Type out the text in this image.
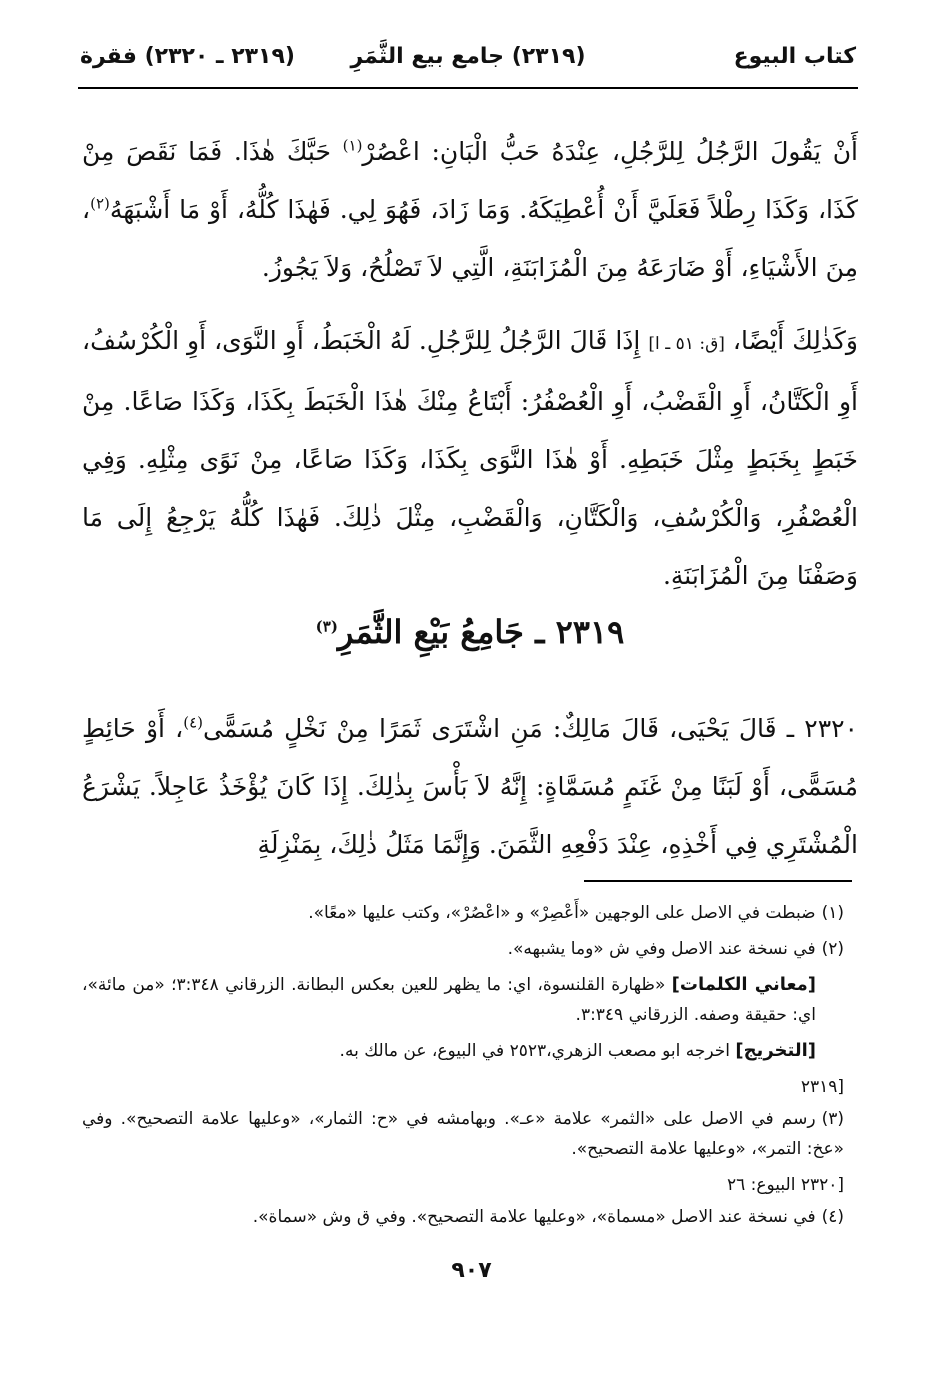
كتاب البيوع
(٢٣١٩) جامع بيع الثَّمَرِ
(٢٣١٩ ـ ٢٣٢٠) فقرة
أَنْ يَقُولَ الرَّجُلُ لِلرَّجُلِ، عِنْدَهُ حَبُّ الْبَانِ: اعْصُرْ$^{(١)}$ حَبَّكَ هٰذَا. فَمَا نَقَصَ مِنْ كَذَا، وَكَذَا رِطْلاً فَعَلَيَّ أَنْ أُعْطِيَكَهُ. وَمَا زَادَ، فَهُوَ لِي. فَهٰذَا كُلُّهُ، أَوْ مَا أَشْبَهَهُ$^{(٢)}$، مِنَ الأَشْيَاءِ، أَوْ ضَارَعَهُ مِنَ الْمُزَابَنَةِ، الَّتِي لاَ تَصْلُحُ، وَلاَ يَجُوزُ.
وَكَذٰلِكَ أَيْضًا، [ق: ٥١ ـ ا] إِذَا قَالَ الرَّجُلُ لِلرَّجُلِ. لَهُ الْخَبَطُ، أَوِ النَّوَى، أَوِ الْكُرْسُفُ، أَوِ الْكَتَّانُ، أَوِ الْقَضْبُ، أَوِ الْعُصْفُرُ: أَبْتَاعُ مِنْكَ هٰذَا الْخَبَطَ بِكَذَا، وَكَذَا صَاعًا. مِنْ خَبَطٍ بِخَبَطٍ مِثْلَ خَبَطِهِ. أَوْ هٰذَا النَّوَى بِكَذَا، وَكَذَا صَاعًا، مِنْ نَوًى مِثْلِهِ. وَفِي الْعُصْفُرِ، وَالْكُرْسُفِ، وَالْكَتَّانِ، وَالْقَضْبِ، مِثْلَ ذٰلِكَ. فَهٰذَا كُلُّهُ يَرْجِعُ إِلَى مَا وَصَفْنَا مِنَ الْمُزَابَنَةِ.
٢٣١٩ ـ جَامِعُ بَيْعِ الثَّمَرِ$^{(٣)}$
٢٣٢٠ ـ قَالَ يَحْيَى، قَالَ مَالِكٌ: مَنِ اشْتَرَى ثَمَرًا مِنْ نَخْلٍ مُسَمًّى$^{(٤)}$، أَوْ حَائِطٍ مُسَمًّى، أَوْ لَبَنًا مِنْ غَنَمٍ مُسَمَّاةٍ: إِنَّهُ لاَ بَأْسَ بِذٰلِكَ. إِذَا كَانَ يُؤْخَذُ عَاجِلاً. يَشْرَعُ الْمُشْتَرِي فِي أَخْذِهِ، عِنْدَ دَفْعِهِ الثَّمَنَ. وَإِنَّمَا مَثَلُ ذٰلِكَ، بِمَنْزِلَةِ

(١)ضبطت في الاصل على الوجهين «أَعْصِرْ» و «اعْصُرْ»، وكتب عليها «معًا».

(٢)في نسخة عند الاصل وفي ش «وما يشبهه».

[معاني الكلمات] «ظهارة القلنسوة، اي: ما يظهر للعين بعكس البطانة. الزرقاني ٣:٣٤٨؛ «من مائة»، اي: حقيقة وصفه. الزرقاني ٣:٣٤٩.

[التخريج] اخرجه ابو مصعب الزهري،٢٥٢٣ في البيوع، عن مالك به.

[٢٣١٩

(٣)رسم في الاصل على «الثمر» علامة «عـ». وبهامشه في «ح: الثمار»، «وعليها علامة التصحيح». وفي «عخ: التمر»، «وعليها علامة التصحيح».

[٢٣٢٠ البيوع: ٢٦

(٤)في نسخة عند الاصل «مسماة»، «وعليها علامة التصحيح». وفي ق وش «سماة».

٩٠٧
